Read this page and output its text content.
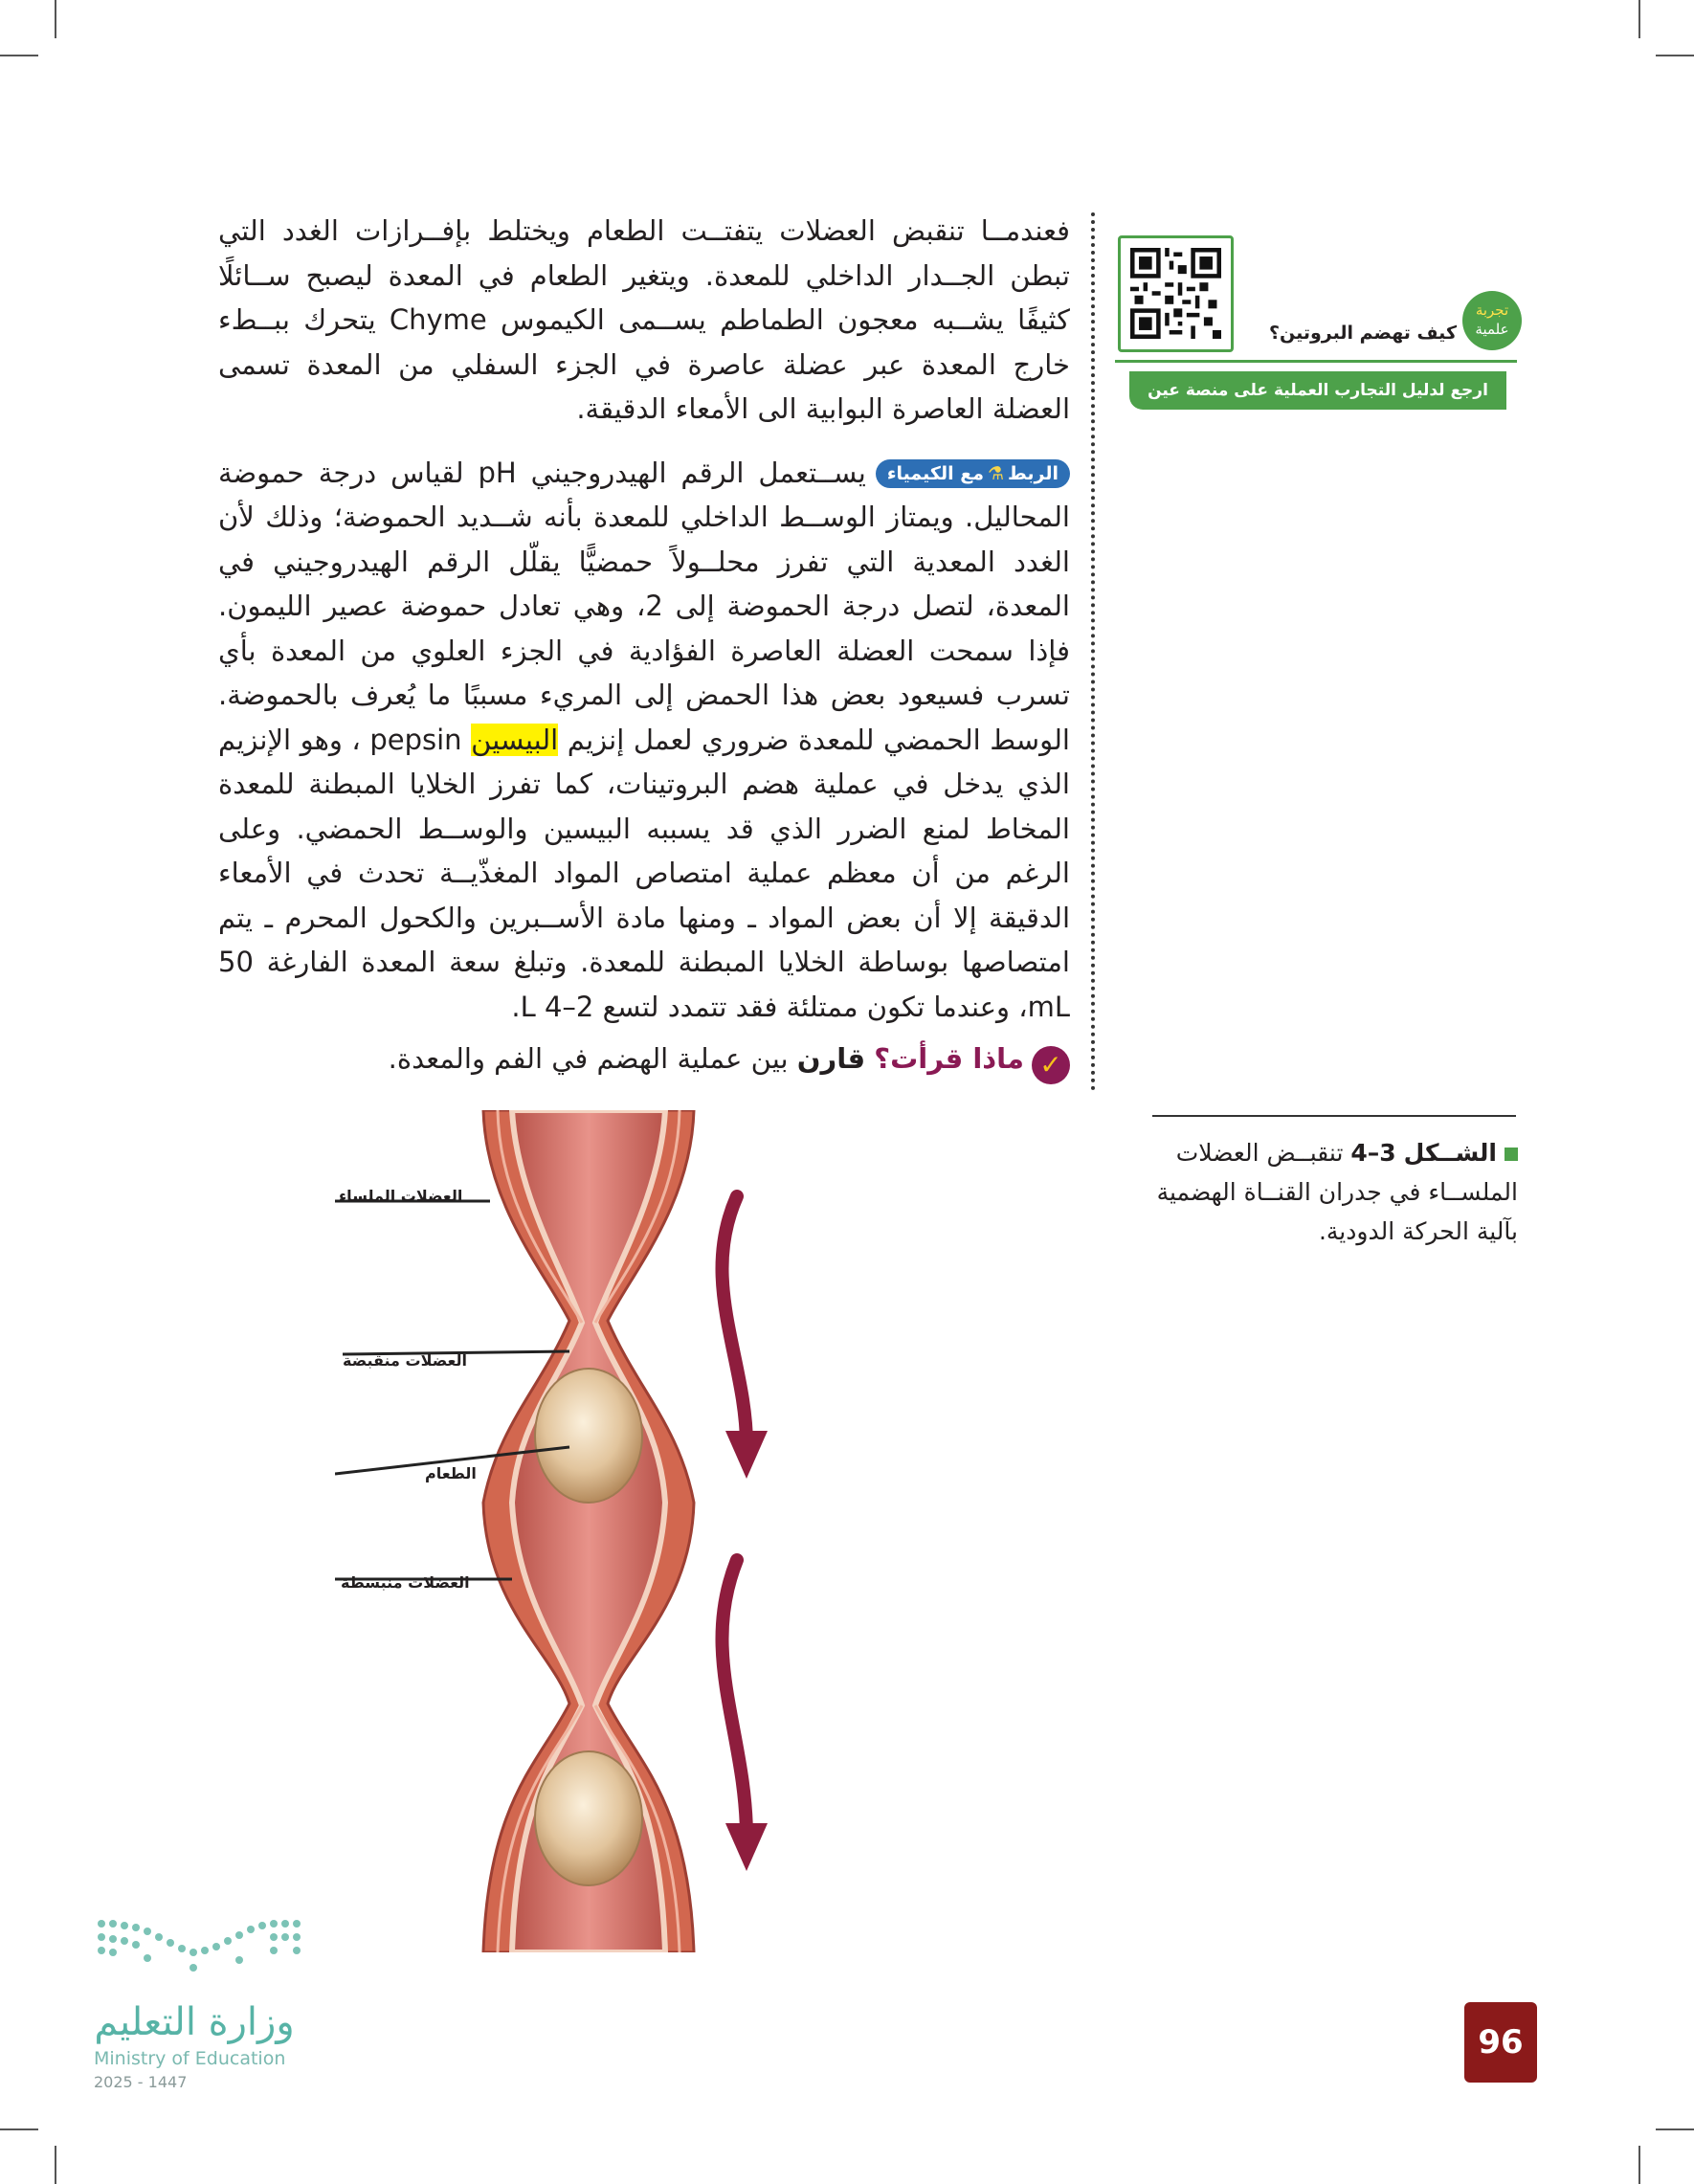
فعندمــا تنقبض العضلات يتفتــت الطعام ويختلط بإفــرازات الغدد التي تبطن الجــدار الداخلي للمعدة. ويتغير الطعام في المعدة ليصبح ســائلًا كثيفًا يشــبه معجون الطماطم يســمى الكيموس Chyme يتحرك ببــطء خارج المعدة عبر عضلة عاصرة في الجزء السفلي من المعدة تسمى العضلة العاصرة البوابية الى الأمعاء الدقيقة.

الربط⚗مع الكيمياءيســتعمل الرقم الهيدروجيني pH لقياس درجة حموضة المحاليل. ويمتاز الوســط الداخلي للمعدة بأنه شــديد الحموضة؛ وذلك لأن الغدد المعدية التي تفرز محلــولاً حمضيًّا يقلّل الرقم الهيدروجيني في المعدة، لتصل درجة الحموضة إلى 2، وهي تعادل حموضة عصير الليمون. فإذا سمحت العضلة العاصرة الفؤادية في الجزء العلوي من المعدة بأي تسرب فسيعود بعض هذا الحمض إلى المريء مسببًا ما يُعرف بالحموضة. الوسط الحمضي للمعدة ضروري لعمل إنزيم البيسين pepsin ، وهو الإنزيم الذي يدخل في عملية هضم البروتينات، كما تفرز الخلايا المبطنة للمعدة المخاط لمنع الضرر الذي قد يسببه البيسين والوســط الحمضي. وعلى الرغم من أن معظم عملية امتصاص المواد المغذّيــة تحدث في الأمعاء الدقيقة إلا أن بعض المواد ـ ومنها مادة الأســبرين والكحول المحرم ـ يتم امتصاصها بوساطة الخلايا المبطنة للمعدة. وتبلغ سعة المعدة الفارغة 50 mL، وعندما تكون ممتلئة فقد تتمدد لتسع 2–4 L.

✓ماذا قرأت؟ قارن بين عملية الهضم في الفم والمعدة.

تجربة
علمية
كيف تهضم البروتين؟
ارجع لدليل التجارب العملية على منصة عين الإثرائية
الشــكل 3–4 تنقبــض العضلات الملســاء في جدران القنــاة الهضمية بآلية الحركة الدودية.
العضلات الملساء
العضلات منقبضة
الطعام
العضلات منبسطة
96
وزارة التعليم
Ministry of Education
2025 - 1447
